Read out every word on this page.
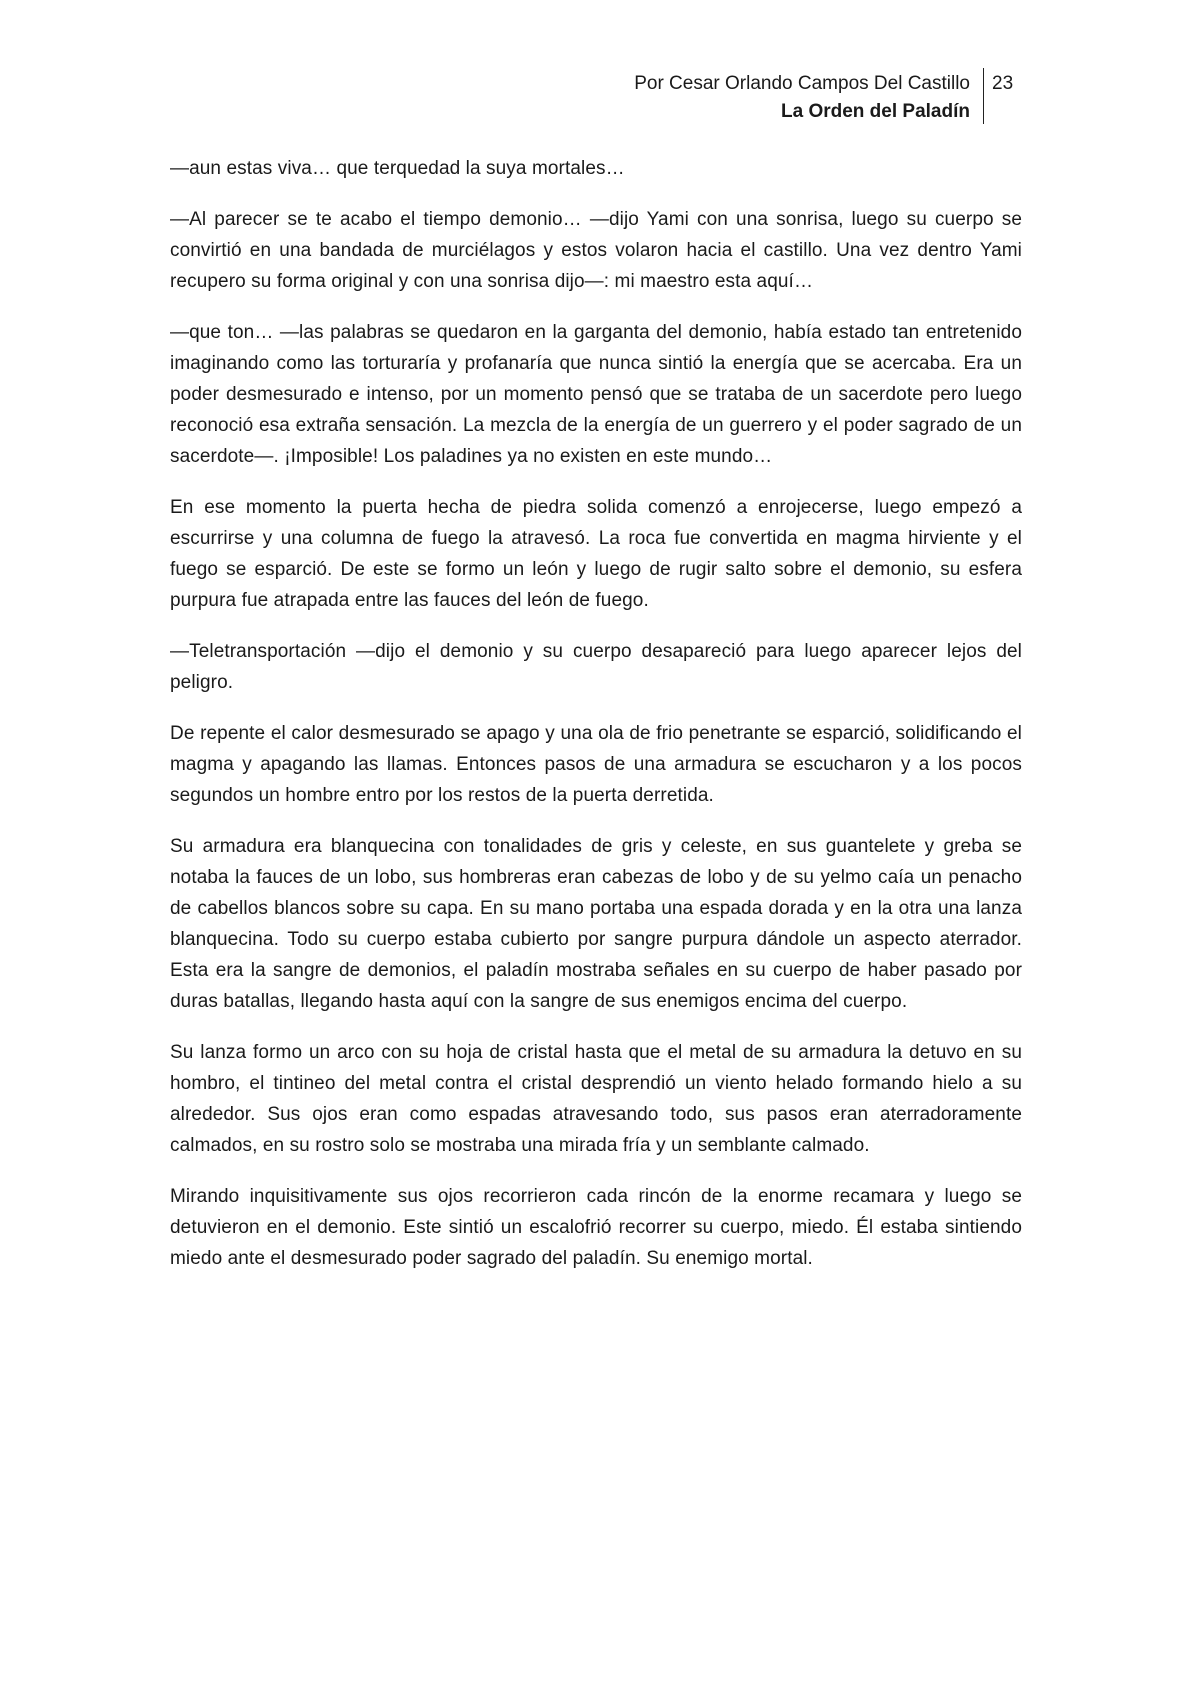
Por Cesar Orlando Campos Del Castillo
La Orden del Paladín
23

—aun estas viva… que terquedad la suya mortales…

—Al parecer se te acabo el tiempo demonio… —dijo Yami con una sonrisa, luego su cuerpo se convirtió en una bandada de murciélagos y estos volaron hacia el castillo. Una vez dentro Yami recupero su forma original y con una sonrisa dijo—: mi maestro esta aquí…

—que ton… —las palabras se quedaron en la garganta del demonio, había estado tan entretenido imaginando como las torturaría y profanaría que nunca sintió la energía que se acercaba. Era un poder desmesurado e intenso, por un momento pensó que se trataba de un sacerdote pero luego reconoció esa extraña sensación. La mezcla de la energía de un guerrero y el poder sagrado de un sacerdote—. ¡Imposible! Los paladines ya no existen en este mundo…

En ese momento la puerta hecha de piedra solida comenzó a enrojecerse, luego empezó a escurrirse y una columna de fuego la atravesó. La roca fue convertida en magma hirviente y el fuego se esparció. De este se formo un león y luego de rugir salto sobre el demonio, su esfera purpura fue atrapada entre las fauces del león de fuego.

—Teletransportación —dijo el demonio y su cuerpo desapareció para luego aparecer lejos del peligro.

De repente el calor desmesurado se apago y una ola de frio penetrante se esparció, solidificando el magma y apagando las llamas. Entonces pasos de una armadura se escucharon y a los pocos segundos un hombre entro por los restos de la puerta derretida.

Su armadura era blanquecina con tonalidades de gris y celeste, en sus guantelete y greba se notaba la fauces de un lobo, sus hombreras eran cabezas de lobo y de su yelmo caía un penacho de cabellos blancos sobre su capa. En su mano portaba una espada dorada y en la otra una lanza blanquecina. Todo su cuerpo estaba cubierto por sangre purpura dándole un aspecto aterrador. Esta era la sangre de demonios, el paladín mostraba señales en su cuerpo de haber pasado por duras batallas, llegando hasta aquí con la sangre de sus enemigos encima del cuerpo.

Su lanza formo un arco con su hoja de cristal hasta que el metal de su armadura la detuvo en su hombro, el tintineo del metal contra el cristal desprendió un viento helado formando hielo a su alrededor. Sus ojos eran como espadas atravesando todo, sus pasos eran aterradoramente calmados, en su rostro solo se mostraba una mirada fría y un semblante calmado.

Mirando inquisitivamente sus ojos recorrieron cada rincón de la enorme recamara y luego se detuvieron en el demonio. Este sintió un escalofrió recorrer su cuerpo, miedo. Él estaba sintiendo miedo ante el desmesurado poder sagrado del paladín. Su enemigo mortal.
